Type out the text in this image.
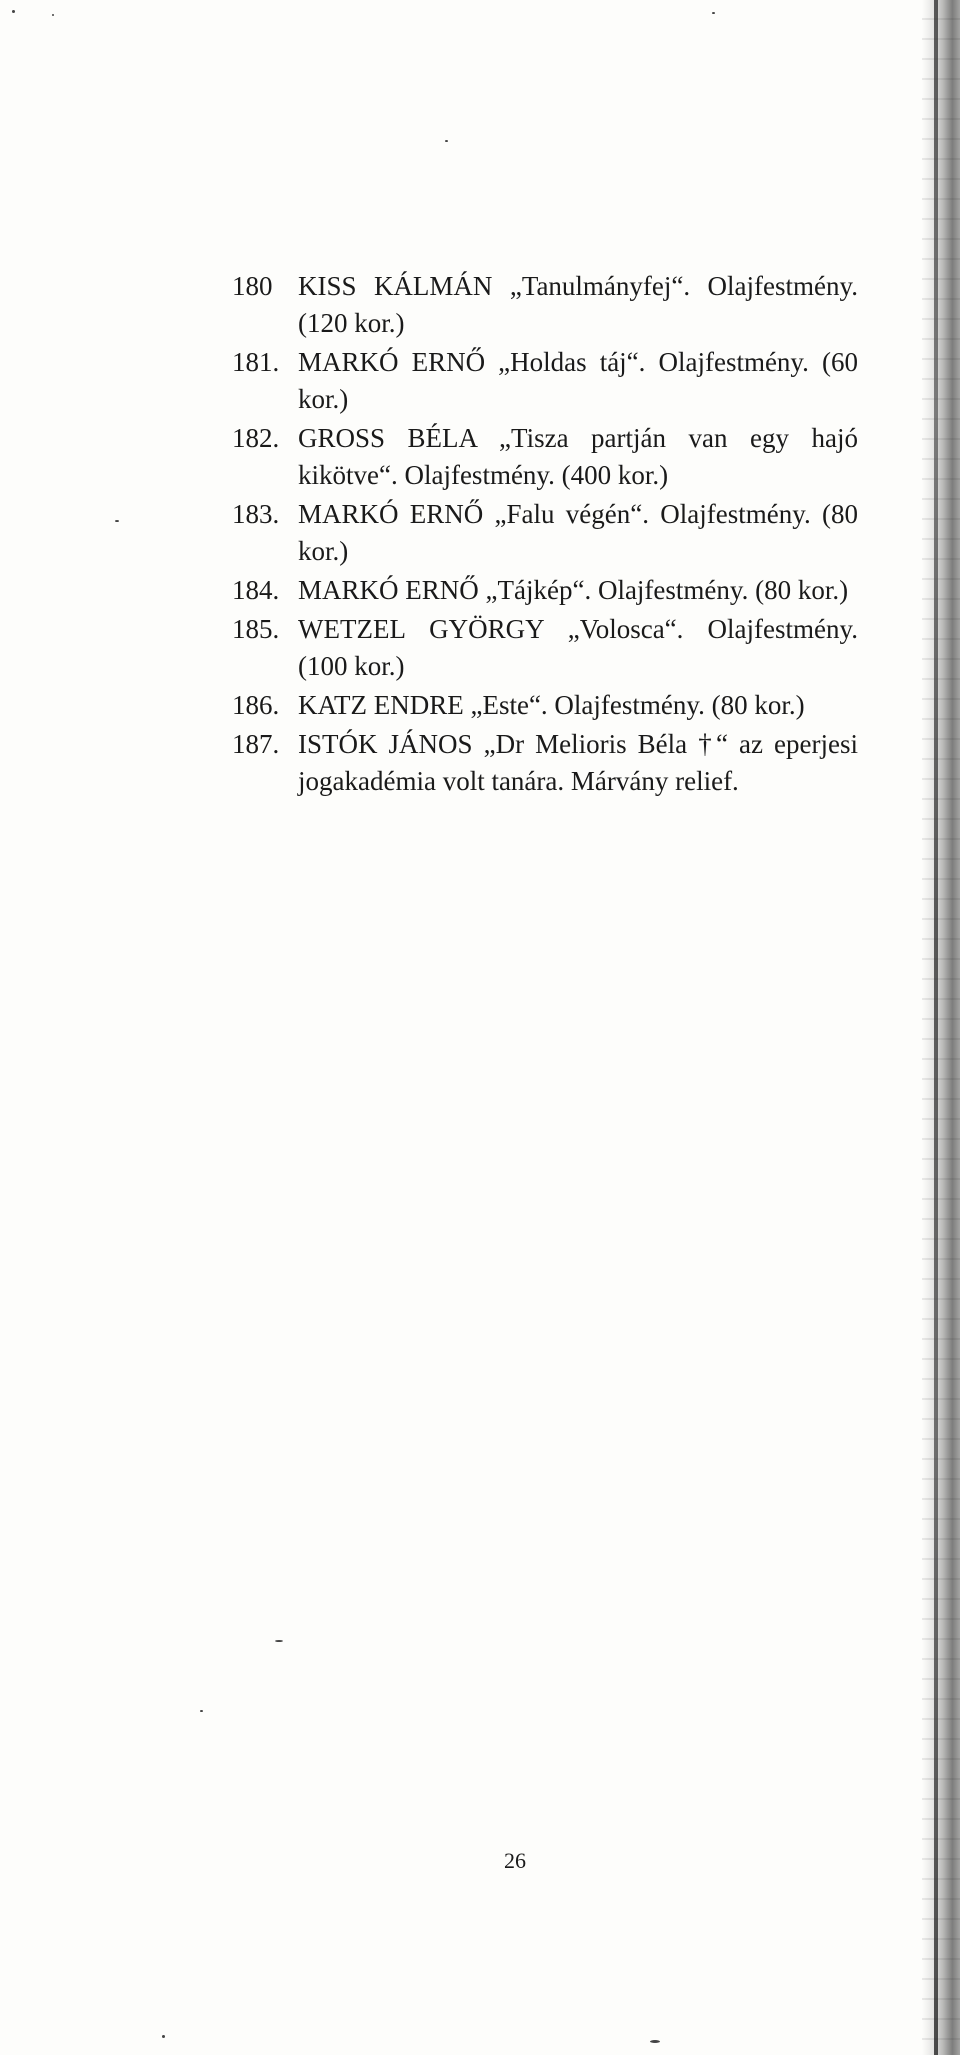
180 KISS KÁLMÁN „Tanulmányfej“. Olajfestmény. (120 kor.)
181. MARKÓ ERNŐ „Holdas táj“. Olajfestmény. (60 kor.)
182. GROSS BÉLA „Tisza partján van egy hajó kikötve“. Olajfestmény. (400 kor.)
183. MARKÓ ERNŐ „Falu végén“. Olajfestmény. (80 kor.)
184. MARKÓ ERNŐ „Tájkép“. Olajfestmény. (80 kor.)
185. WETZEL GYÖRGY „Volosca“. Olajfestmény. (100 kor.)
186. KATZ ENDRE „Este“. Olajfestmény. (80 kor.)
187. ISTÓK JÁNOS „Dr Melioris Béla †“ az eperjesi jogakadémia volt tanára. Márvány relief.
26
